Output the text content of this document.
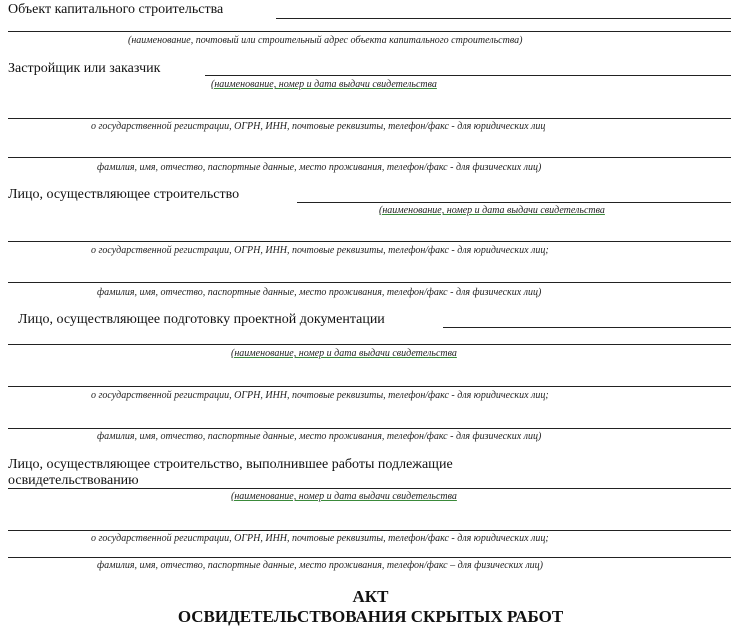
Объект капитального строительства
(наименование, почтовый или строительный адрес объекта капитального строительства)
Застройщик или заказчик
(наименование, номер и дата выдачи свидетельства
о государственной регистрации, ОГРН, ИНН, почтовые реквизиты, телефон/факс - для юридических лиц
фамилия, имя, отчество, паспортные данные, место проживания, телефон/факс - для физических лиц)
Лицо, осуществляющее строительство
(наименование, номер и дата выдачи свидетельства
о государственной регистрации, ОГРН, ИНН, почтовые реквизиты, телефон/факс - для юридических лиц;
фамилия, имя, отчество, паспортные данные, место проживания, телефон/факс - для физических лиц)
Лицо, осуществляющее подготовку проектной документации
(наименование, номер и дата выдачи свидетельства
о государственной регистрации, ОГРН, ИНН, почтовые реквизиты, телефон/факс - для юридических лиц;
фамилия, имя, отчество, паспортные данные, место проживания, телефон/факс - для физических лиц)
Лицо, осуществляющее строительство, выполнившее работы подлежащие
освидетельствованию
(наименование, номер и дата выдачи свидетельства
о государственной регистрации, ОГРН, ИНН, почтовые реквизиты, телефон/факс - для юридических лиц;
фамилия, имя, отчество, паспортные данные, место проживания, телефон/факс – для физических лиц)
АКТ
ОСВИДЕТЕЛЬСТВОВАНИЯ СКРЫТЫХ РАБОТ
